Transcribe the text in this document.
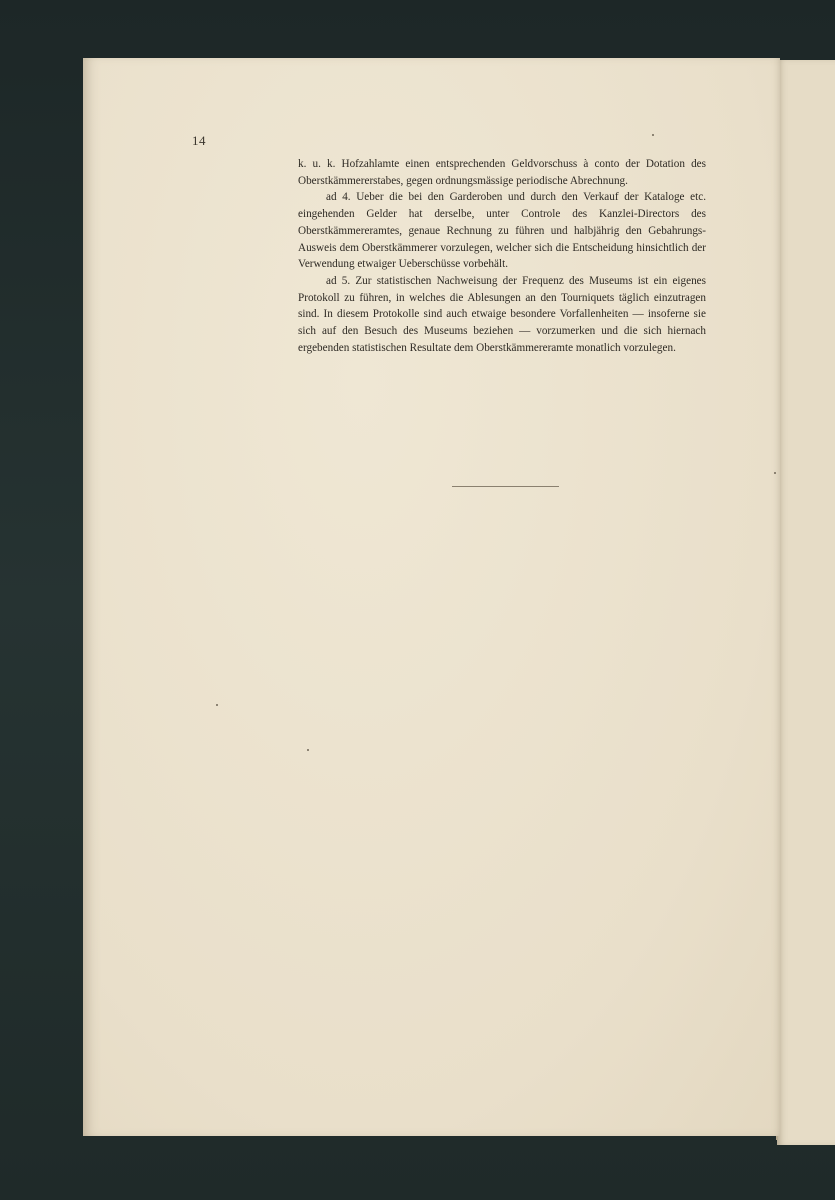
14

k. u. k. Hofzahlamte einen entsprechenden Geldvorschuss à conto der Dotation des Oberstkämmererstabes, gegen ordnungsmässige periodische Abrechnung.

ad 4. Ueber die bei den Garderoben und durch den Verkauf der Kataloge etc. eingehenden Gelder hat derselbe, unter Controle des Kanzlei-Directors des Oberstkämmereramtes, genaue Rechnung zu führen und halbjährig den Gebahrungs-Ausweis dem Oberstkämmerer vorzulegen, welcher sich die Entscheidung hinsichtlich der Verwendung etwaiger Ueberschüsse vorbehält.

ad 5. Zur statistischen Nachweisung der Frequenz des Museums ist ein eigenes Protokoll zu führen, in welches die Ablesungen an den Tourniquets täglich einzutragen sind. In diesem Protokolle sind auch etwaige besondere Vorfallenheiten — insoferne sie sich auf den Besuch des Museums beziehen — vorzumerken und die sich hiernach ergebenden statistischen Resultate dem Oberstkämmereramte monatlich vorzulegen.
